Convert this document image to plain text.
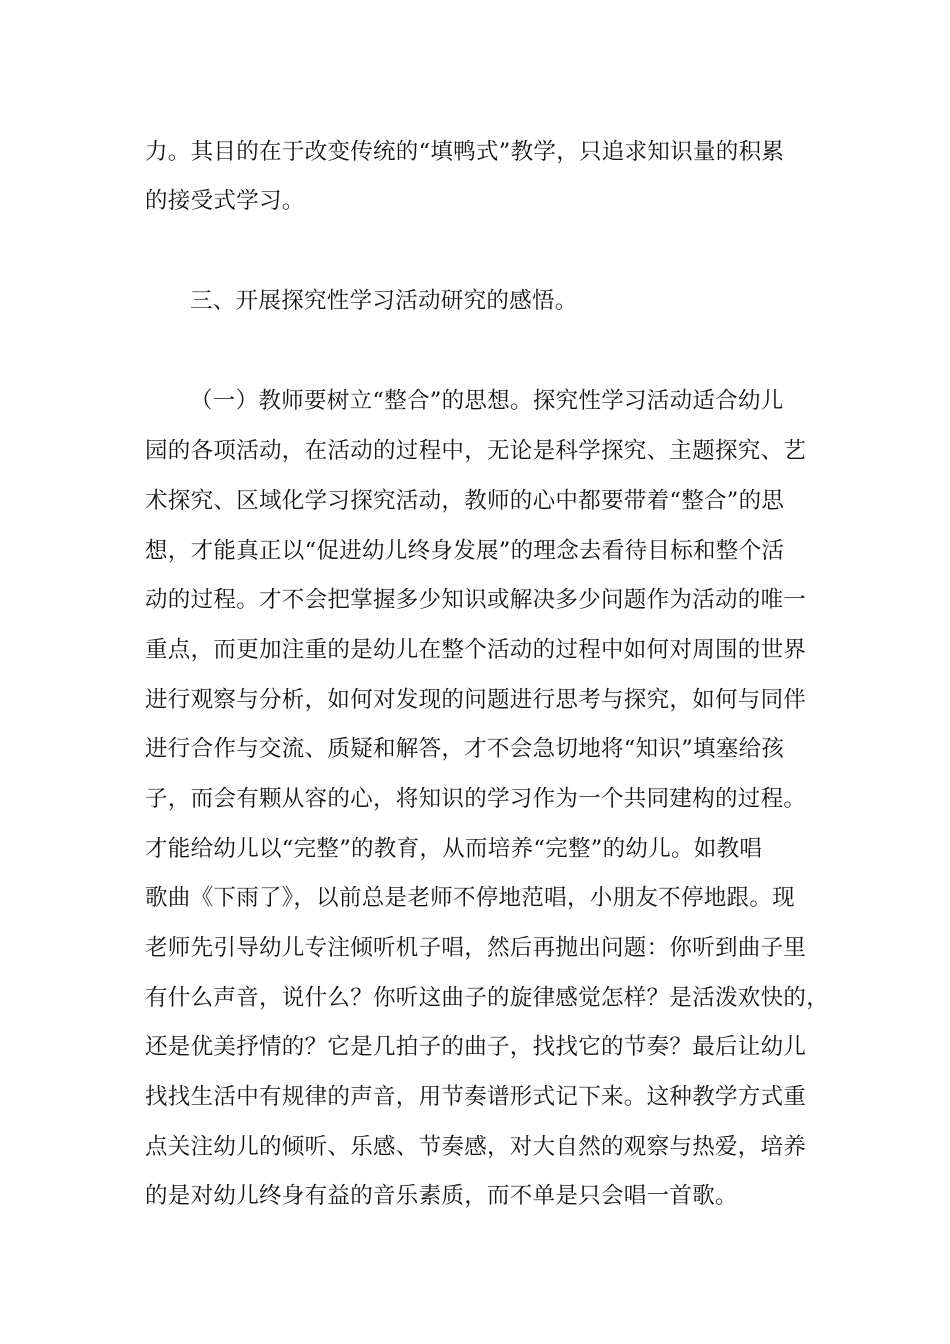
力。其目的在于改变传统的“填鸭式”教学，只追求知识量的积累
的接受式学习。
三、开展探究性学习活动研究的感悟。
（一）教师要树立“整合”的思想。探究性学习活动适合幼儿
园的各项活动，在活动的过程中，无论是科学探究、主题探究、艺
术探究、区域化学习探究活动，教师的心中都要带着“整合”的思
想，才能真正以“促进幼儿终身发展”的理念去看待目标和整个活
动的过程。才不会把掌握多少知识或解决多少问题作为活动的唯一
重点，而更加注重的是幼儿在整个活动的过程中如何对周围的世界
进行观察与分析，如何对发现的问题进行思考与探究，如何与同伴
进行合作与交流、质疑和解答，才不会急切地将“知识”填塞给孩
子，而会有颗从容的心，将知识的学习作为一个共同建构的过程。
才能给幼儿以“完整”的教育，从而培养“完整”的幼儿。如教唱
歌曲《下雨了》，以前总是老师不停地范唱，小朋友不停地跟。现
老师先引导幼儿专注倾听机子唱，然后再抛出问题：你听到曲子里
有什么声音，说什么？你听这曲子的旋律感觉怎样？是活泼欢快的，
还是优美抒情的？它是几拍子的曲子，找找它的节奏？最后让幼儿
找找生活中有规律的声音，用节奏谱形式记下来。这种教学方式重
点关注幼儿的倾听、乐感、节奏感，对大自然的观察与热爱，培养
的是对幼儿终身有益的音乐素质，而不单是只会唱一首歌。
